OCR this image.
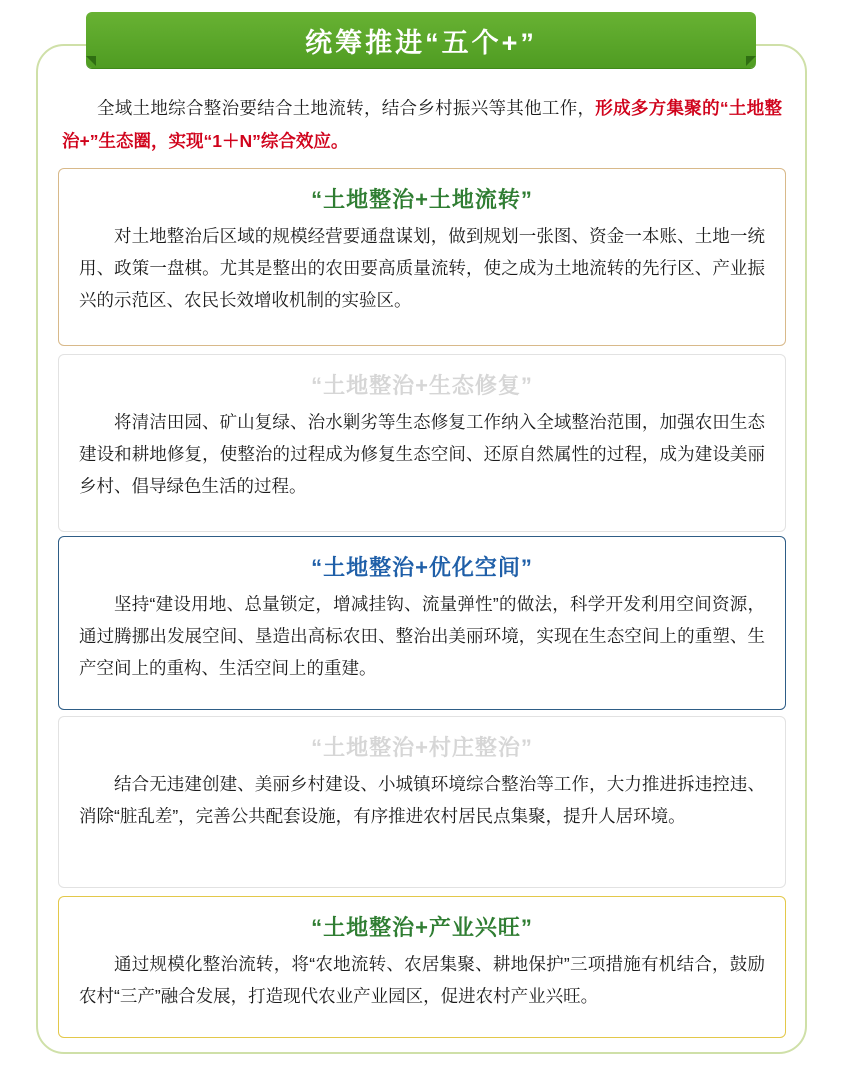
统筹推进“五个+”
全域土地综合整治要结合土地流转，结合乡村振兴等其他工作，形成多方集聚的“土地整治+”生态圈，实现“1＋N”综合效应。
“土地整治+土地流转”
对土地整治后区域的规模经营要通盘谋划，做到规划一张图、资金一本账、土地一统用、政策一盘棋。尤其是整出的农田要高质量流转，使之成为土地流转的先行区、产业振兴的示范区、农民长效增收机制的实验区。
“土地整治+生态修复”
将清洁田园、矿山复绿、治水剿劣等生态修复工作纳入全域整治范围，加强农田生态建设和耕地修复，使整治的过程成为修复生态空间、还原自然属性的过程，成为建设美丽乡村、倡导绿色生活的过程。
“土地整治+优化空间”
坚持“建设用地、总量锁定，增减挂钩、流量弹性”的做法，科学开发利用空间资源，通过腾挪出发展空间、垦造出高标农田、整治出美丽环境，实现在生态空间上的重塑、生产空间上的重构、生活空间上的重建。
“土地整治+村庄整治”
结合无违建创建、美丽乡村建设、小城镇环境综合整治等工作，大力推进拆违控违、消除“脏乱差”，完善公共配套设施，有序推进农村居民点集聚，提升人居环境。
“土地整治+产业兴旺”
通过规模化整治流转，将“农地流转、农居集聚、耕地保护”三项措施有机结合，鼓励农村“三产”融合发展，打造现代农业产业园区，促进农村产业兴旺。
